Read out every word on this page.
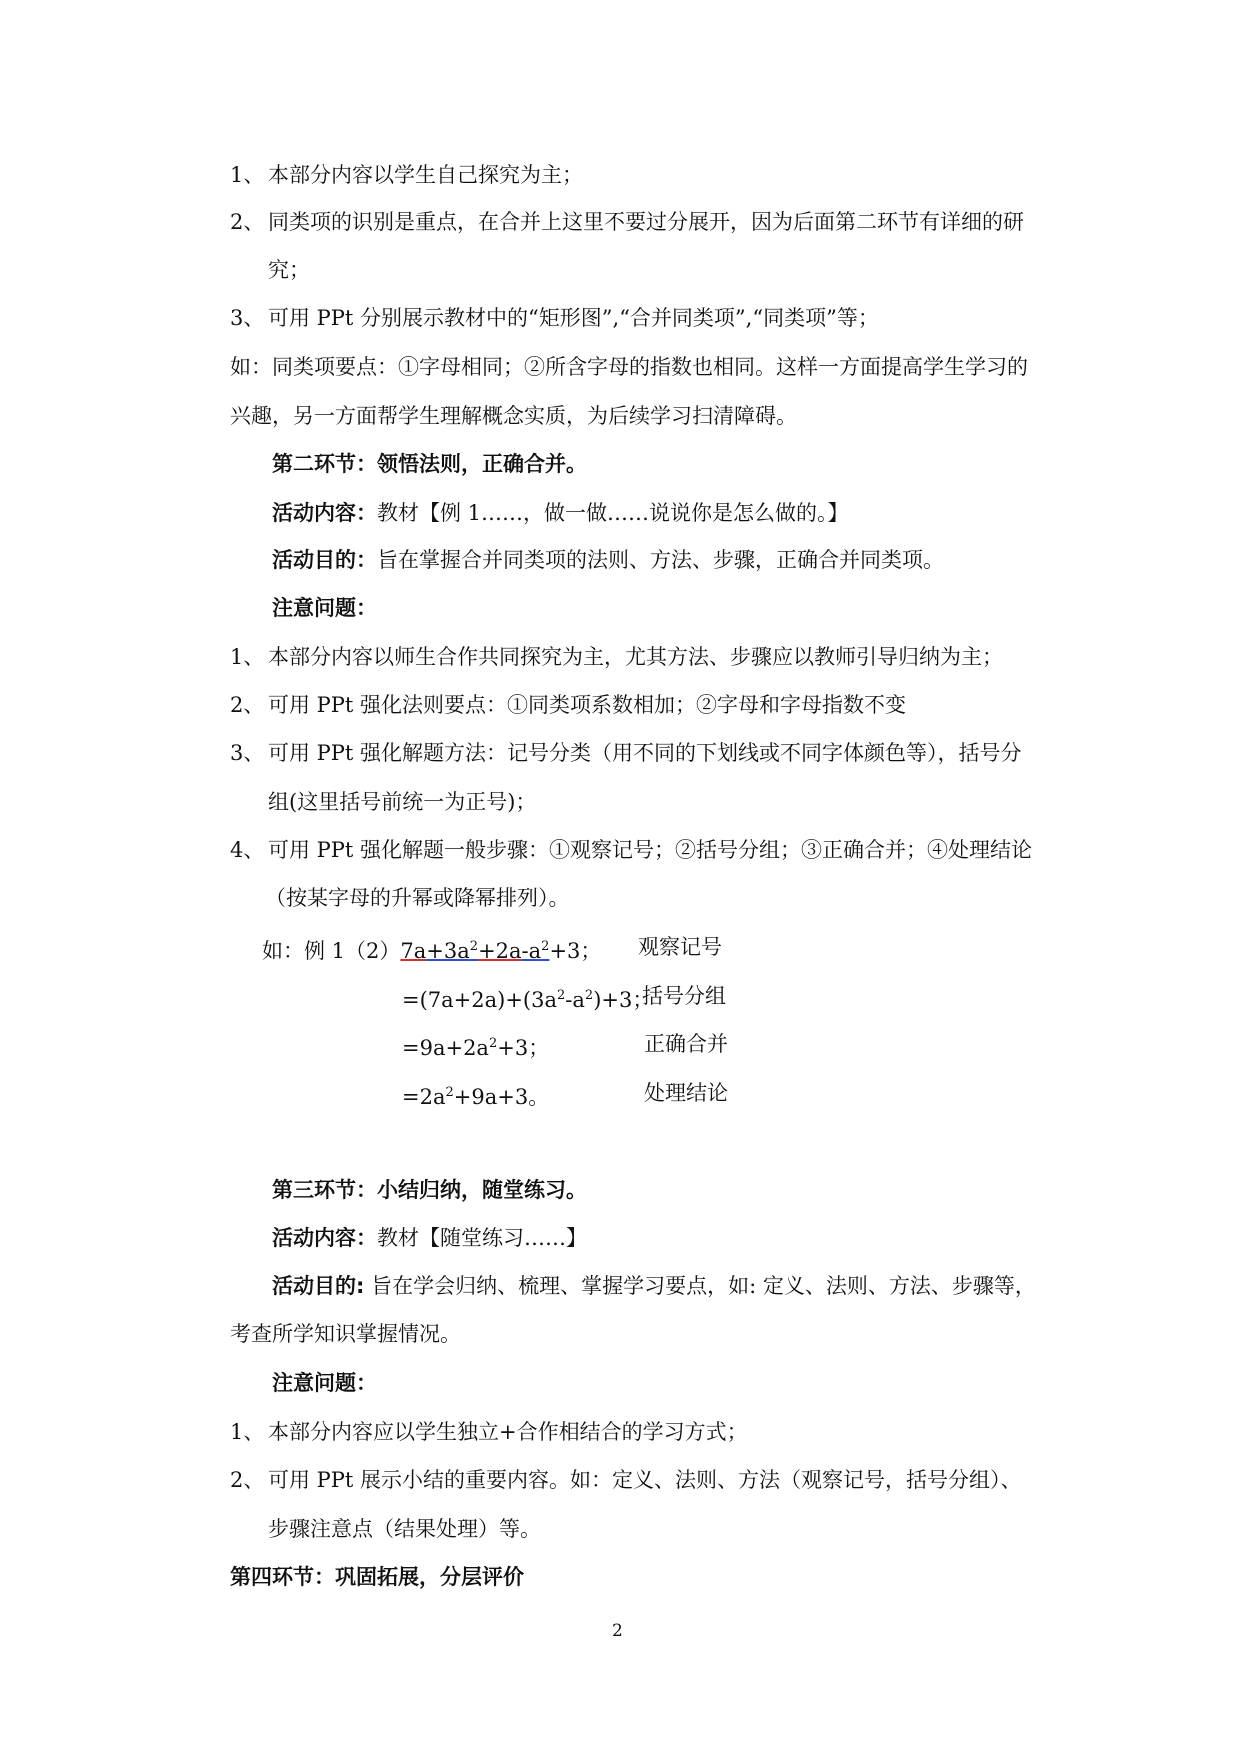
1、 本部分内容以学生自己探究为主；
2、 同类项的识别是重点，在合并上这里不要过分展开，因为后面第二环节有详细的研
究；
3、 可用 PPt 分别展示教材中的“矩形图”,“合并同类项”,“同类项”等；
如：同类项要点：①字母相同；②所含字母的指数也相同。这样一方面提高学生学习的
兴趣，另一方面帮学生理解概念实质，为后续学习扫清障碍。
第二环节：领悟法则，正确合并。
活动内容：教材【例 1……，做一做……说说你是怎么做的。】
活动目的：旨在掌握合并同类项的法则、方法、步骤，正确合并同类项。
注意问题：
1、 本部分内容以师生合作共同探究为主，尤其方法、步骤应以教师引导归纳为主；
2、 可用 PPt 强化法则要点：①同类项系数相加；②字母和字母指数不变
3、 可用 PPt 强化解题方法：记号分类（用不同的下划线或不同字体颜色等），括号分
组(这里括号前统一为正号)；
4、 可用 PPt 强化解题一般步骤：①观察记号；②括号分组；③正确合并；④处理结论
（按某字母的升幂或降幂排列）。
如：例 $1(2)7a+3a^2+2a-a^2+3$； 观察记号
$=(7a+2a)+(3a^2-a^2)+3$；
括号分组
$=9a+2a^2+3$；	正确合并
$=2a^2+9a+3$。	处理结论
第三环节：小结归纳，随堂练习。
活动内容：教材【随堂练习……】
活动目的: 旨在学会归纳、梳理、掌握学习要点，如: 定义、法则、方法、步骤等，
考查所学知识掌握情况。
注意问题：
1、 本部分内容应以学生独立+合作相结合的学习方式；
2、 可用 PPt 展示小结的重要内容。如：定义、法则、方法（观察记号，括号分组）、
步骤注意点（结果处理）等。
第四环节：巩固拓展，分层评价
2
